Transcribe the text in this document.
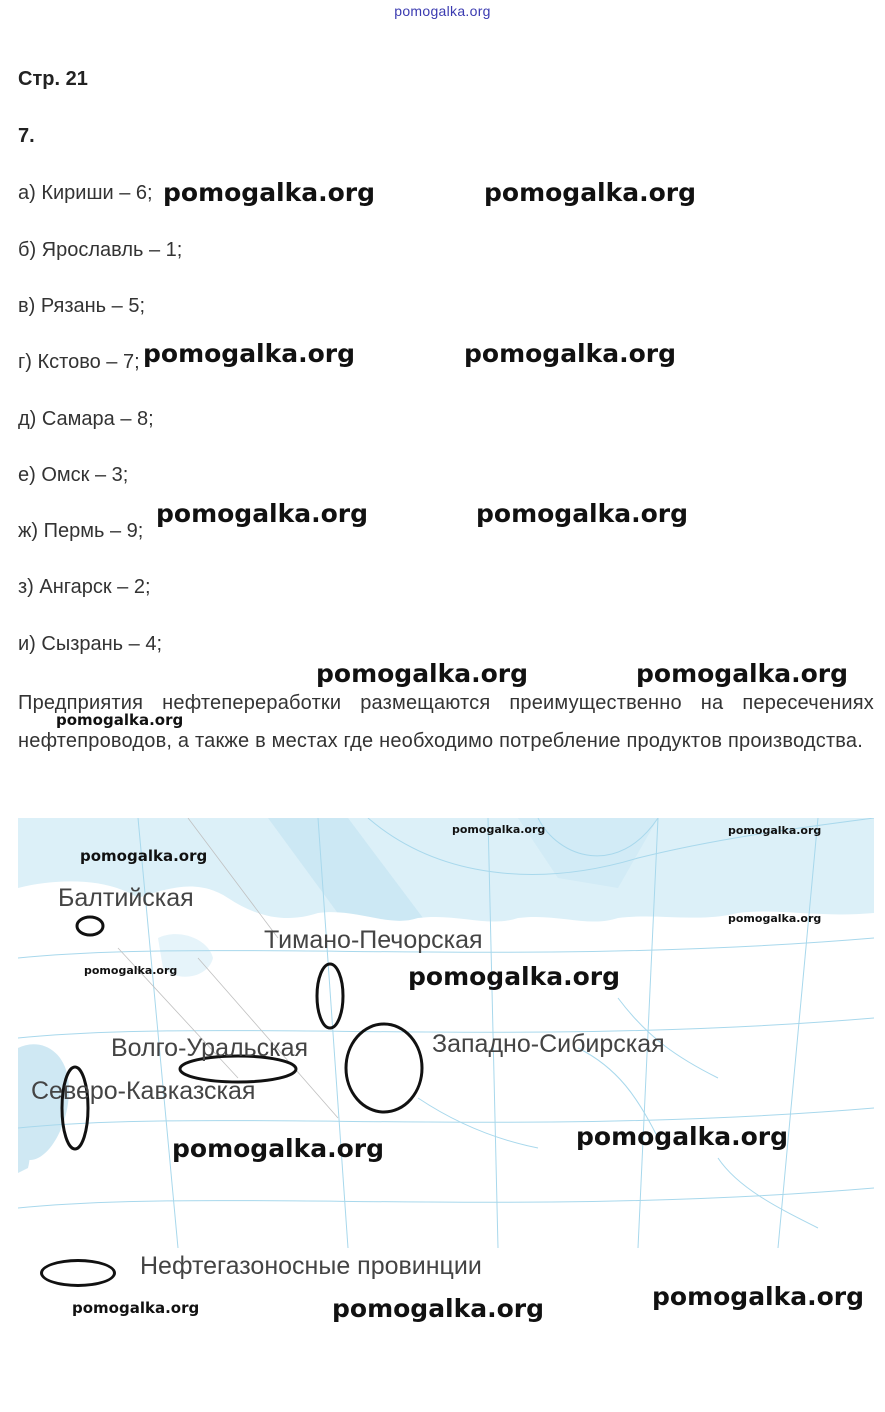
pomogalka.org
Стр. 21
7.
а) Кириши – 6;
б) Ярославль – 1;
в) Рязань – 5;
г) Кстово – 7;
д) Самара – 8;
е) Омск – 3;
ж) Пермь – 9;
з) Ангарск – 2;
и) Сызрань – 4;
Предприятия нефтепереработки размещаются преимущественно на пересечениях нефтепроводов, а также в местах где необходимо потребление продуктов производства.
Балтийская
Тимано-Печорская
Волго-Уральская	Западно-Сибирская
Северо-Кавказская
Нефтегазоносные провинции
pomogalka.org	pomogalka.org
pomogalka.org	pomogalka.org
pomogalka.org	pomogalka.org
pomogalka.org	pomogalka.org
pomogalka.org
pomogalka.org
pomogalka.org
pomogalka.org
pomogalka.org
pomogalka.org	pomogalka.org
pomogalka.org
pomogalka.org
pomogalka.org
pomogalka.org	pomogalka.org
